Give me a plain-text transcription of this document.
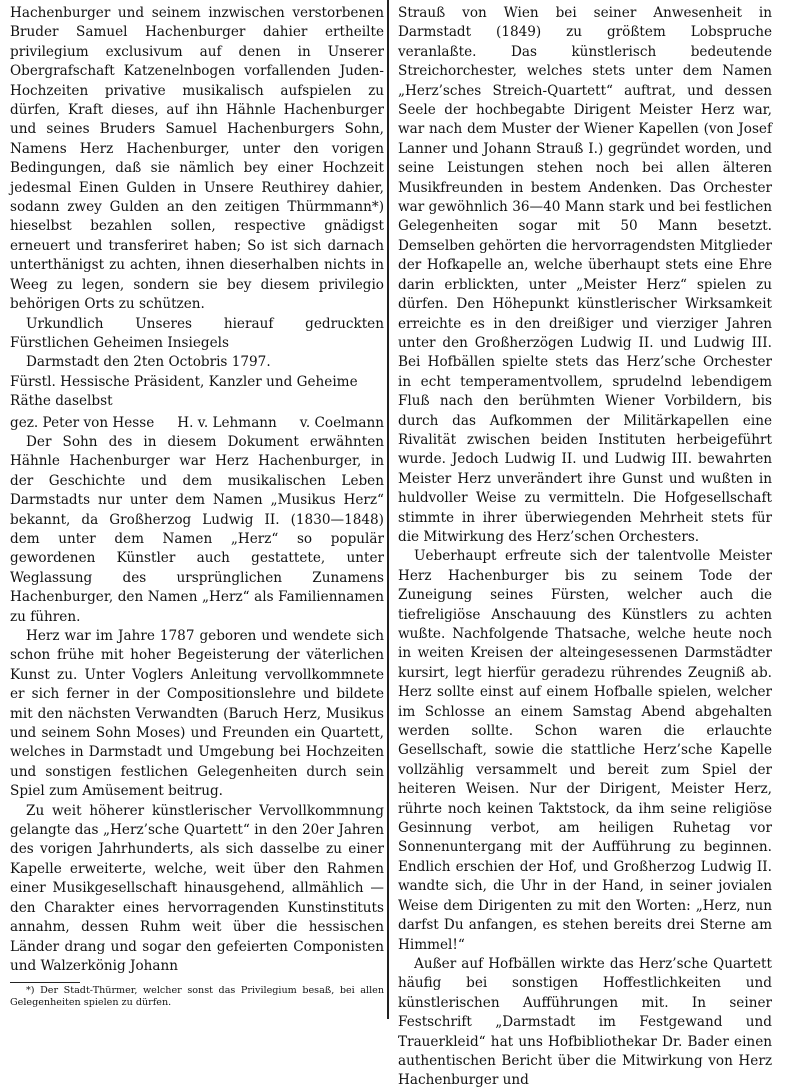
Hachenburger und seinem inzwischen verstorbenen Bruder Samuel Hachenburger dahier ertheilte privilegium exclusivum auf denen in Unserer Obergrafschaft Katzenelnbogen vorfallenden Juden-Hochzeiten privative musikalisch aufspielen zu dürfen, Kraft dieses, auf ihn Hähnle Hachenburger und seines Bruders Samuel Hachenburgers Sohn, Namens Herz Hachenburger, unter den vorigen Bedingungen, daß sie nämlich bey einer Hochzeit jedesmal Einen Gulden in Unsere Reuthirey dahier, sodann zwey Gulden an den zeitigen Thürmmann*) hieselbst bezahlen sollen, respective gnädigst erneuert und transferiret haben; So ist sich darnach unterthänigst zu achten, ihnen dieserhalben nichts in Weeg zu legen, sondern sie bey diesem privilegio behörigen Orts zu schützen.

Urkundlich Unseres hierauf gedruckten Fürstlichen Geheimen Insiegels

Darmstadt den 2ten Octobris 1797.

Fürstl. Hessische Präsident, Kanzler und Geheime

Räthe daselbst

gez. Peter von Hesse H. v. Lehmann v. Coelmann

Der Sohn des in diesem Dokument erwähnten Hähnle Hachenburger war Herz Hachenburger, in der Geschichte und dem musikalischen Leben Darmstadts nur unter dem Namen „Musikus Herz“ bekannt, da Großherzog Ludwig II. (1830—1848) dem unter dem Namen „Herz“ so populär gewordenen Künstler auch gestattete, unter Weglassung des ursprünglichen Zunamens Hachenburger, den Namen „Herz“ als Familiennamen zu führen.

Herz war im Jahre 1787 geboren und wendete sich schon frühe mit hoher Begeisterung der väterlichen Kunst zu. Unter Voglers Anleitung vervollkommnete er sich ferner in der Compositionslehre und bildete mit den nächsten Verwandten (Baruch Herz, Musikus und seinem Sohn Moses) und Freunden ein Quartett, welches in Darmstadt und Umgebung bei Hochzeiten und sonstigen festlichen Gelegenheiten durch sein Spiel zum Amüsement beitrug.

Zu weit höherer künstlerischer Vervollkommnung gelangte das „Herz’sche Quartett“ in den 20er Jahren des vorigen Jahrhunderts, als sich dasselbe zu einer Kapelle erweiterte, welche, weit über den Rahmen einer Musikgesellschaft hinausgehend, allmählich — den Charakter eines hervorragenden Kunstinstituts annahm, dessen Ruhm weit über die hessischen Länder drang und sogar den gefeierten Componisten und Walzerkönig Johann

*) Der Stadt-Thürmer, welcher sonst das Privilegium besaß, bei allen Gelegenheiten spielen zu dürfen.

Strauß von Wien bei seiner Anwesenheit in Darmstadt (1849) zu größtem Lobspruche veranlaßte. Das künstlerisch bedeutende Streichorchester, welches stets unter dem Namen „Herz’sches Streich-Quartett“ auftrat, und dessen Seele der hochbegabte Dirigent Meister Herz war, war nach dem Muster der Wiener Kapellen (von Josef Lanner und Johann Strauß I.) gegründet worden, und seine Leistungen stehen noch bei allen älteren Musikfreunden in bestem Andenken. Das Orchester war gewöhnlich 36—40 Mann stark und bei festlichen Gelegenheiten sogar mit 50 Mann besetzt. Demselben gehörten die hervorragendsten Mitglieder der Hofkapelle an, welche überhaupt stets eine Ehre darin erblickten, unter „Meister Herz“ spielen zu dürfen. Den Höhepunkt künstlerischer Wirksamkeit erreichte es in den dreißiger und vierziger Jahren unter den Großherzögen Ludwig II. und Ludwig III. Bei Hofbällen spielte stets das Herz’sche Orchester in echt temperamentvollem, sprudelnd lebendigem Fluß nach den berühmten Wiener Vorbildern, bis durch das Aufkommen der Militärkapellen eine Rivalität zwischen beiden Instituten herbeigeführt wurde. Jedoch Ludwig II. und Ludwig III. bewahrten Meister Herz unverändert ihre Gunst und wußten in huldvoller Weise zu vermitteln. Die Hofgesellschaft stimmte in ihrer überwiegenden Mehrheit stets für die Mitwirkung des Herz’schen Orchesters.

Ueberhaupt erfreute sich der talentvolle Meister Herz Hachenburger bis zu seinem Tode der Zuneigung seines Fürsten, welcher auch die tiefreligiöse Anschauung des Künstlers zu achten wußte. Nachfolgende Thatsache, welche heute noch in weiten Kreisen der alteingesessenen Darmstädter kursirt, legt hierfür geradezu rührendes Zeugniß ab. Herz sollte einst auf einem Hofballe spielen, welcher im Schlosse an einem Samstag Abend abgehalten werden sollte. Schon waren die erlauchte Gesellschaft, sowie die stattliche Herz’sche Kapelle vollzählig versammelt und bereit zum Spiel der heiteren Weisen. Nur der Dirigent, Meister Herz, rührte noch keinen Taktstock, da ihm seine religiöse Gesinnung verbot, am heiligen Ruhetag vor Sonnenuntergang mit der Aufführung zu beginnen. Endlich erschien der Hof, und Großherzog Ludwig II. wandte sich, die Uhr in der Hand, in seiner jovialen Weise dem Dirigenten zu mit den Worten: „Herz, nun darfst Du anfangen, es stehen bereits drei Sterne am Himmel!“

Außer auf Hofbällen wirkte das Herz’sche Quartett häufig bei sonstigen Hoffestlichkeiten und künstlerischen Aufführungen mit. In seiner Festschrift „Darmstadt im Festgewand und Trauerkleid“ hat uns Hofbibliothekar Dr. Bader einen authentischen Bericht über die Mitwirkung von Herz Hachenburger und
